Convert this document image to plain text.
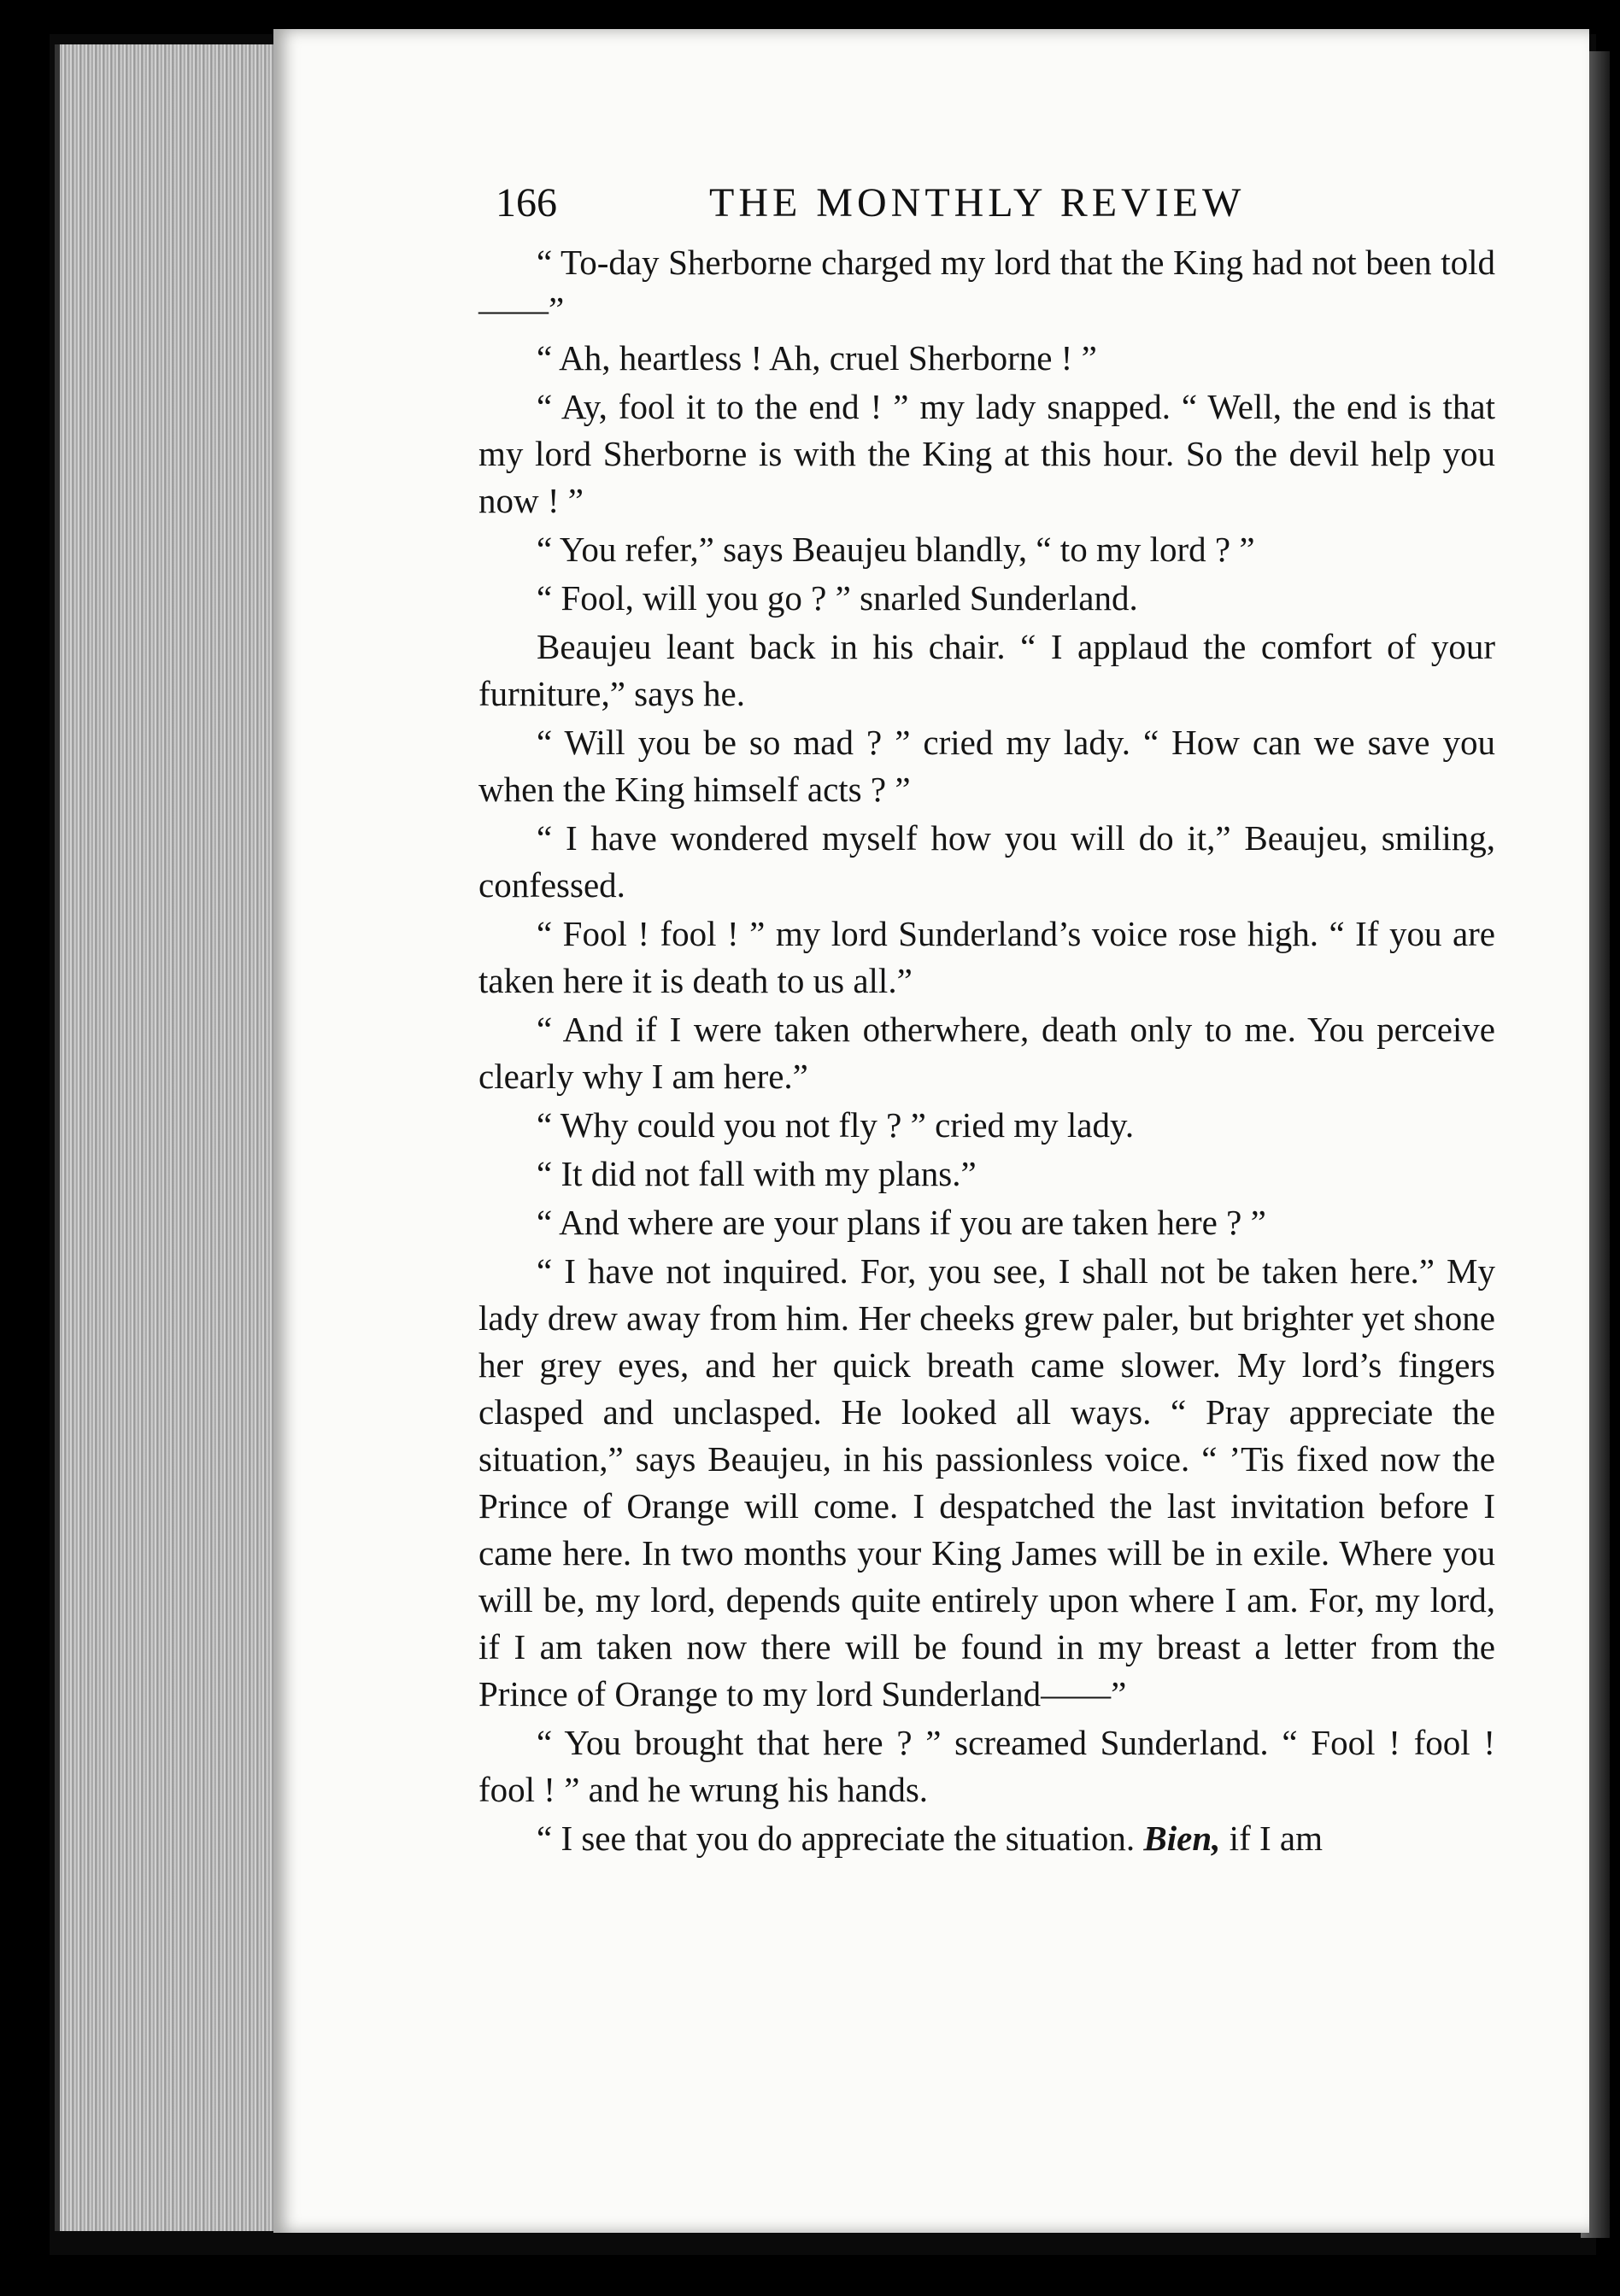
166	THE MONTHLY REVIEW

“ To-day Sherborne charged my lord that the King had not been told——”

“ Ah, heartless ! Ah, cruel Sherborne ! ”

“ Ay, fool it to the end ! ” my lady snapped. “ Well, the end is that my lord Sherborne is with the King at this hour. So the devil help you now ! ”

“ You refer,” says Beaujeu blandly, “ to my lord ? ”

“ Fool, will you go ? ” snarled Sunderland.

Beaujeu leant back in his chair. “ I applaud the comfort of your furniture,” says he.

“ Will you be so mad ? ” cried my lady. “ How can we save you when the King himself acts ? ”

“ I have wondered myself how you will do it,” Beaujeu, smiling, confessed.

“ Fool ! fool ! ” my lord Sunderland’s voice rose high. “ If you are taken here it is death to us all.”

“ And if I were taken otherwhere, death only to me. You perceive clearly why I am here.”

“ Why could you not fly ? ” cried my lady.

“ It did not fall with my plans.”

“ And where are your plans if you are taken here ? ”

“ I have not inquired. For, you see, I shall not be taken here.” My lady drew away from him. Her cheeks grew paler, but brighter yet shone her grey eyes, and her quick breath came slower. My lord’s fingers clasped and unclasped. He looked all ways. “ Pray appreciate the situation,” says Beaujeu, in his passionless voice. “ ’Tis fixed now the Prince of Orange will come. I despatched the last invitation before I came here. In two months your King James will be in exile. Where you will be, my lord, depends quite entirely upon where I am. For, my lord, if I am taken now there will be found in my breast a letter from the Prince of Orange to my lord Sunderland——”

“ You brought that here ? ” screamed Sunderland. “ Fool ! fool ! fool ! ” and he wrung his hands.

“ I see that you do appreciate the situation. Bien, if I am
